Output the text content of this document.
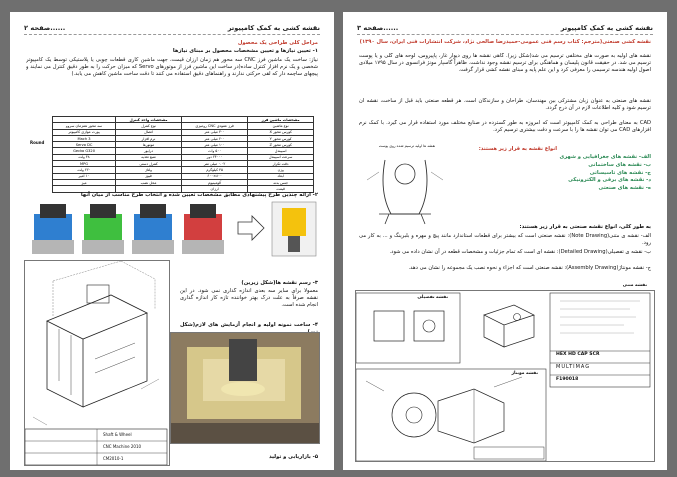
نقشه کشی به کمک کامپیوتر
......صفحه ۲
مراحل کلی طراحی یک محصول
۱- تعیین نیازها و تعیین مشخصات محصول بر مبنای نیازها
نیاز: ساخت یک ماشین فرز CNC سه محور هم زمان ارزان قیمت، جهت ماشین کاری قطعات چوبی یا پلاستیکی توسط یک کامپیوتر شخصی و یک نرم افزار کنترل ساده(در ساخت این ماشین فرز از موتورهای Servo که میزان حرکت را به طور دقیق کنترل می نمایند و پیچهای ساچمه دار که لقی حرکتی ندارند و راهنماهای دقیق استفاده می کنند تا دقت ساخت ماشین کاهش می یابد.)
مشخصات ماشین فرز		مشخصات واحد کنترل	
نوع ماشین	فرز عمودی CNC رومیزی	نوع کنترل	سه محور همزمان سروو
کورس محور X	۳۰۰ میلی متر	اتصال	پورت موازی کامپیوتر
کورس محور Y	۲۰۰ میلی متر	نرم افزار	Mach 3
کورس محور Z	۱۰۰ میلی متر	موتورها	Servo DC
اسپیندل	۵۰۰ وات	درایور	Gecko G320
سرعت اسپیندل	۲۴۰۰۰ دور	منبع تغذیه	۴۸ ولت
دقت تکرار	۰.۰۲ میلی متر	کنترل دستی	MPG
وزن	۴۵ کیلوگرم	ولتاژ	۲۲۰ ولت
ابعاد	۸۰۰×۶۰۰	فیوز	۱۰ آمپر
جنس بدنه	آلومینیوم	محل نصب	میز
قیمت	ارزان		
Round
۲- ارائه چندین طرح پیشنهادی مطابق مشخصات تعیین شده و انتخاب طرح مناسب از میان آنها
Shaft & Wheel
CNC Machine 2010
CM2010-1
۳- رسم نقشه ها(شکل زیرین)
معمولاً برای سایر سه بعدی اندازه گذاری نمی شود. در این نقشه صرفاً به علت درک بهتر خواننده تازه کار اندازه گذاری انجام شده است.
۴- ساخت نمونه اولیه و انجام آزمایش های لازم(شکل
۵- بازاریابی و تولید
نقشه کشی به کمک کامپیوتر
......صفحه ۳
نقشه کشی صنعتی(مترجم: کتاب رسم فنی عمومی-حمیدرضا صالحی نژاد، شرکت انتشارات فنی ایران، سال ۱۳۹۰)
نقشه های اولیه به صورت های مختلفی ترسیم می شد(شکل زیر). گاهی نقشه ها روی دیوار غار، پاپیروس، لوحه های گلی و یا پوست ترسیم می شد. در حقیقت قانون پلیسان و هماهنگی برای ترسیم نقشه وجود نداشت. ظاهراً گاسپار مونژ فرانسوی در سال ۱۷۹۵ میلادی اصول اولیه هندسه ترسیمی را معرفی کرد و این علم پایه و مبنای نقشه کشی قرار گرفت.
نقشه های صنعتی به عنوان زبان مشترکی بین مهندسان، طراحان و سازندگان است. هر قطعه صنعتی باید قبل از ساخت، نقشه آن ترسیم شود و کلیه اطلاعات لازم در آن درج گردد.
CAD به معنای طراحی به کمک کامپیوتر است که امروزه به طور گسترده در صنایع مختلف مورد استفاده قرار می گیرد. با کمک نرم افزارهای CAD می توان نقشه ها را با سرعت و دقت بیشتری ترسیم کرد.
انواع نقشه به قرار زیر هستند:
الف- نقشه های جغرافیایی و شهری
ب- نقشه های ساختمانی
ج- نقشه های تاسیساتی
د- نقشه های برقی و الکترونیکی
ه- نقشه های صنعتی
نقشه ها اولیه ترسیم شده روی پوست
به طور کلی، انواع نقشه صنعتی به قرار زیر هستند:
الف- نقشه ی متنی(Note Drawing): نقشه صنعتی است که بیشتر برای قطعات استاندارد مانند پیچ و مهره و بلبرینگ و ... به کار می رود.
ب- نقشه ی تفصیلی(Detailed Drawing): نقشه ای است که تمام جزئیات و مشخصات قطعه در آن نشان داده می شود.
ج- نقشه مونتاژ(Assembly Drawing): نقشه صنعتی است که اجزاء و نحوه نصب یک مجموعه را نشان می دهد.
نقشه متنی
نقشه تفصیلی
نقشه مونتاژ
HEX HD CAP SCR
MULTIMAG
F190018
